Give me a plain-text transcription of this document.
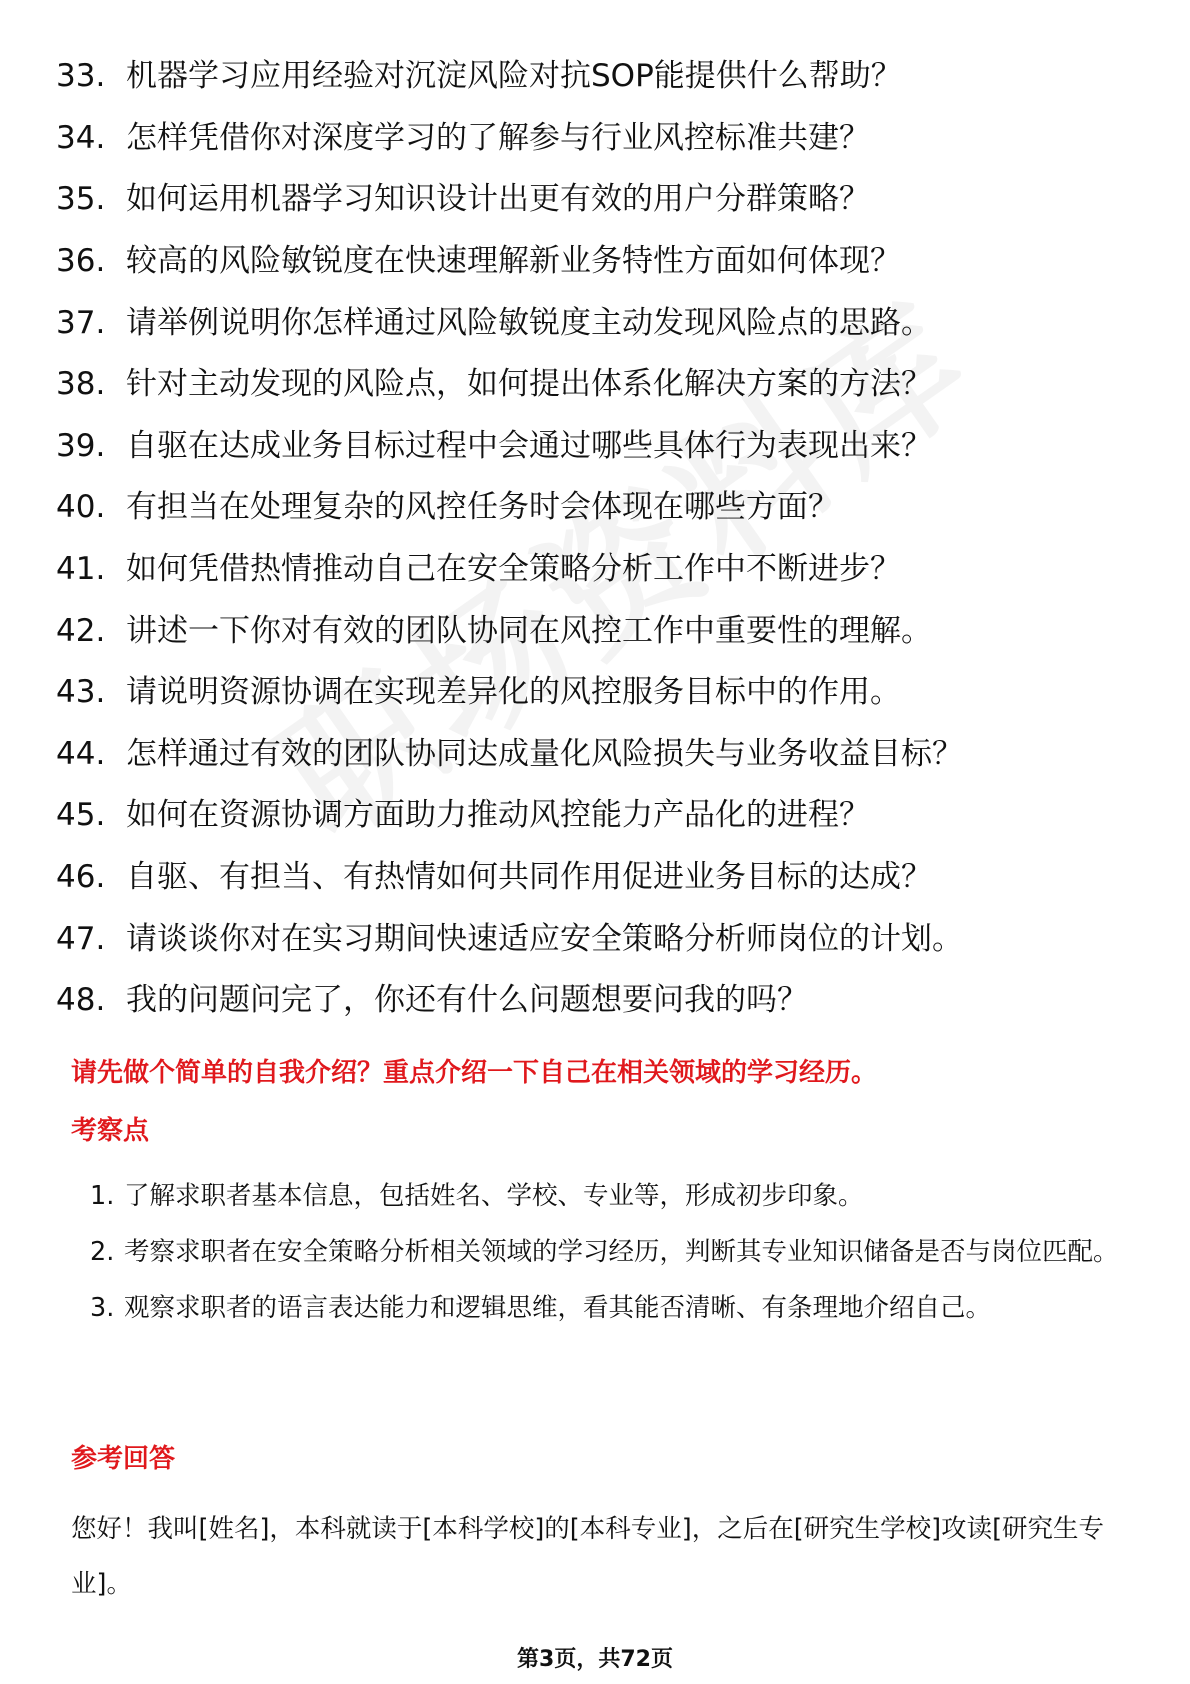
33. 机器学习应用经验对沉淀风险对抗SOP能提供什么帮助？
34. 怎样凭借你对深度学习的了解参与行业风控标准共建？
35. 如何运用机器学习知识设计出更有效的用户分群策略？
36. 较高的风险敏锐度在快速理解新业务特性方面如何体现？
37. 请举例说明你怎样通过风险敏锐度主动发现风险点的思路。
38. 针对主动发现的风险点，如何提出体系化解决方案的方法？
39. 自驱在达成业务目标过程中会通过哪些具体行为表现出来？
40. 有担当在处理复杂的风控任务时会体现在哪些方面？
41. 如何凭借热情推动自己在安全策略分析工作中不断进步？
42. 讲述一下你对有效的团队协同在风控工作中重要性的理解。
43. 请说明资源协调在实现差异化的风控服务目标中的作用。
44. 怎样通过有效的团队协同达成量化风险损失与业务收益目标？
45. 如何在资源协调方面助力推动风控能力产品化的进程？
46. 自驱、有担当、有热情如何共同作用促进业务目标的达成？
47. 请谈谈你对在实习期间快速适应安全策略分析师岗位的计划。
48. 我的问题问完了，你还有什么问题想要问我的吗？
请先做个简单的自我介绍？重点介绍一下自己在相关领域的学习经历。
考察点
1. 了解求职者基本信息，包括姓名、学校、专业等，形成初步印象。
2. 考察求职者在安全策略分析相关领域的学习经历，判断其专业知识储备是否与岗位匹配。
3. 观察求职者的语言表达能力和逻辑思维，看其能否清晰、有条理地介绍自己。
参考回答
您好！我叫[姓名]，本科就读于[本科学校]的[本科专业]，之后在[研究生学校]攻读[研究生专业]。
第3页，共72页
